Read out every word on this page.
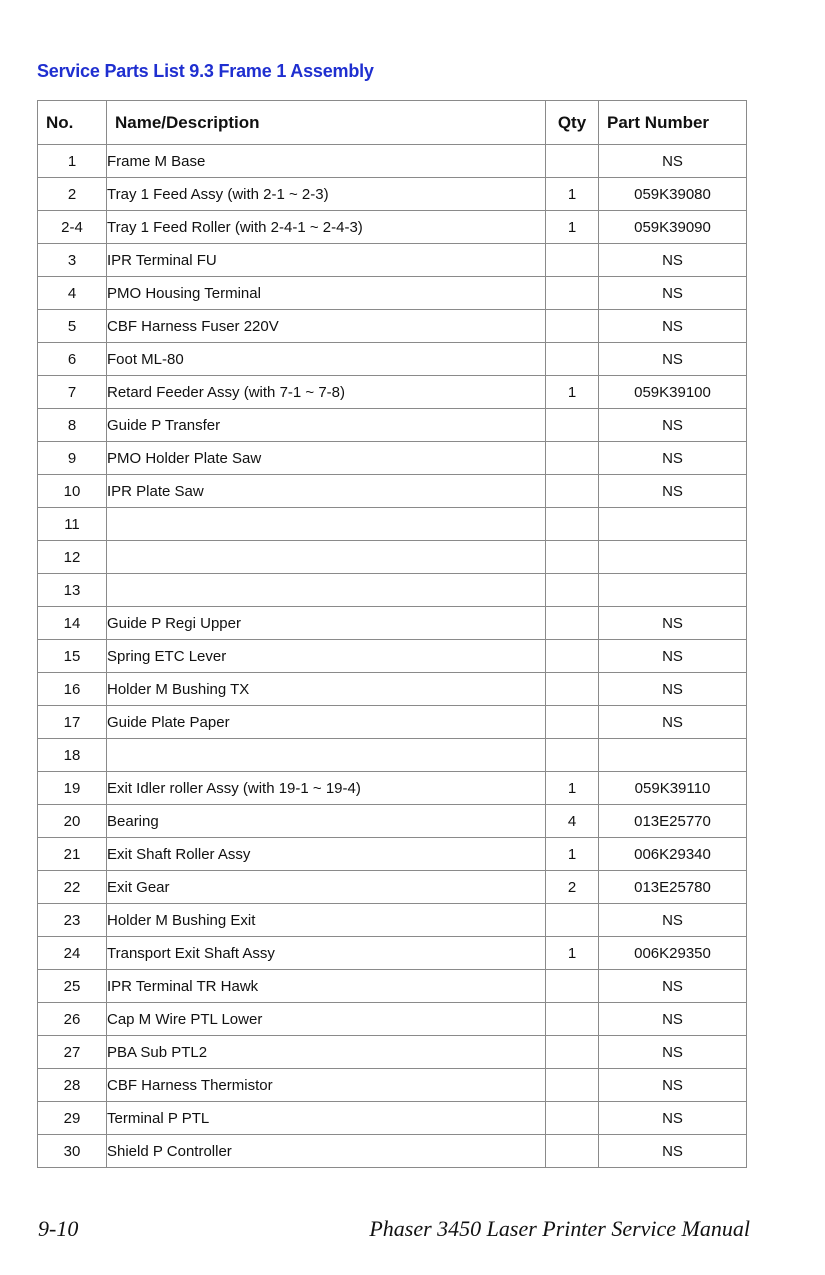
Service Parts List 9.3 Frame 1 Assembly
No.	Name/Description	Qty	Part Number
1	Frame M Base		NS
2	Tray 1 Feed Assy (with 2-1 ~ 2-3)	1	059K39080
2-4	Tray 1 Feed Roller (with 2-4-1 ~ 2-4-3)	1	059K39090
3	IPR Terminal FU		NS
4	PMO Housing Terminal		NS
5	CBF Harness Fuser 220V		NS
6	Foot ML-80		NS
7	Retard Feeder Assy (with 7-1 ~ 7-8)	1	059K39100
8	Guide P Transfer		NS
9	PMO Holder Plate Saw		NS
10	IPR Plate Saw		NS
11			
12			
13			
14	Guide P Regi Upper		NS
15	Spring ETC Lever		NS
16	Holder M Bushing TX		NS
17	Guide Plate Paper		NS
18			
19	Exit Idler roller Assy (with 19-1 ~ 19-4)	1	059K39110
20	Bearing	4	013E25770
21	Exit Shaft Roller Assy	1	006K29340
22	Exit Gear	2	013E25780
23	Holder M Bushing Exit		NS
24	Transport Exit Shaft Assy	1	006K29350
25	IPR Terminal TR Hawk		NS
26	Cap M Wire PTL Lower		NS
27	PBA Sub PTL2		NS
28	CBF Harness Thermistor		NS
29	Terminal P PTL		NS
30	Shield P Controller		NS
9-10	Phaser 3450 Laser Printer Service Manual
